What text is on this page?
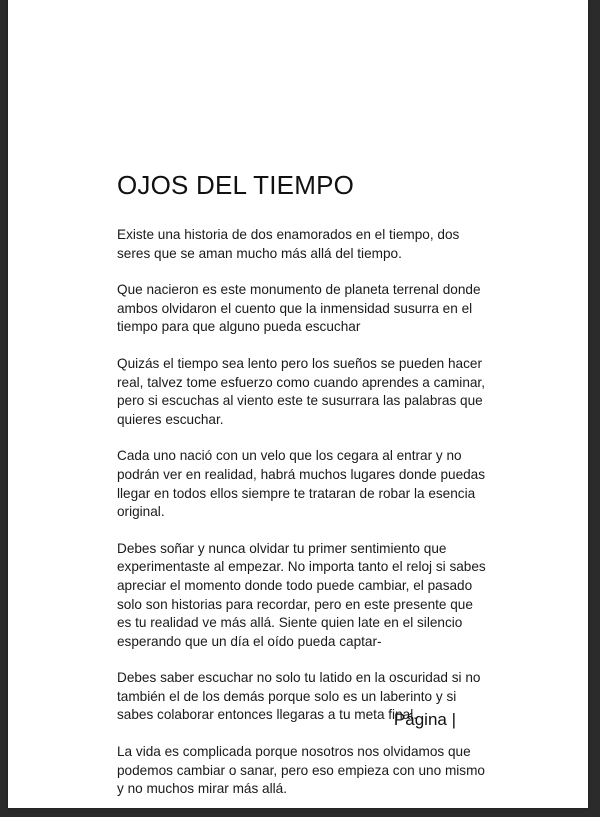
OJOS DEL TIEMPO

Existe una historia de dos enamorados en el tiempo, dos seres que se aman mucho más allá del tiempo.

Que nacieron es este monumento de planeta terrenal donde ambos olvidaron el cuento que la inmensidad susurra en el tiempo para que alguno pueda escuchar

Quizás el tiempo sea lento pero los sueños se pueden hacer real, talvez tome esfuerzo como cuando aprendes a caminar, pero si escuchas al viento este te susurrara las palabras que quieres escuchar.

Cada uno nació con un velo que los cegara al entrar y no podrán ver en realidad, habrá muchos lugares donde puedas llegar en todos ellos siempre te trataran de robar la esencia original.

Debes soñar y nunca olvidar tu primer sentimiento que experimentaste al empezar. No importa tanto el reloj si sabes apreciar el momento donde todo puede cambiar, el pasado solo son historias para recordar, pero en este presente que es tu realidad ve más allá. Siente quien late en el silencio esperando que un día el oído pueda captar-

Debes saber escuchar no solo tu latido en la oscuridad si no también el de los demás porque solo es un laberinto y si sabes colaborar entonces llegaras a tu meta final.

La vida es complicada porque nosotros nos olvidamos que podemos cambiar o sanar, pero eso empieza con uno mismo y no muchos mirar más allá.

Página |
